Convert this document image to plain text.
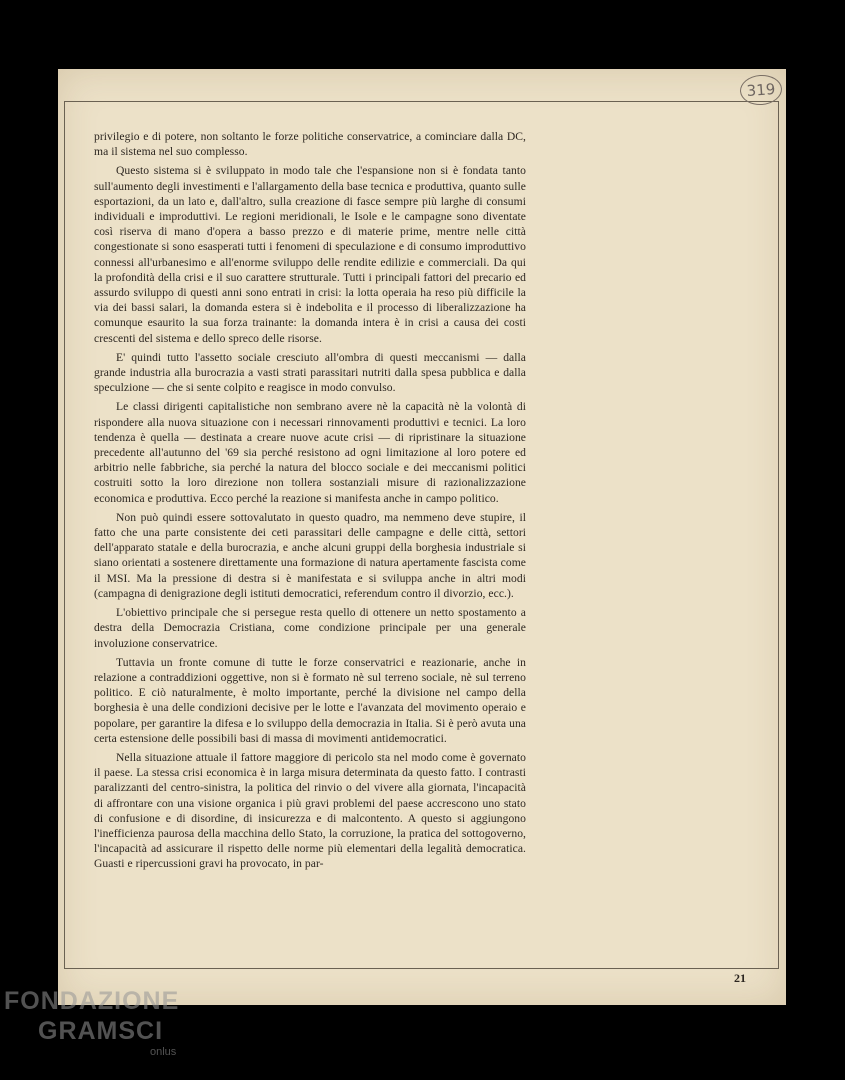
319

privilegio e di potere, non soltanto le forze politiche conservatrice, a cominciare dalla DC, ma il sistema nel suo complesso.

Questo sistema si è sviluppato in modo tale che l'espansione non si è fondata tanto sull'aumento degli investimenti e l'allargamento della base tecnica e produttiva, quanto sulle esportazioni, da un lato e, dall'altro, sulla creazione di fasce sempre più larghe di consumi individuali e improduttivi. Le regioni meridionali, le Isole e le campagne sono diventate così riserva di mano d'opera a basso prezzo e di materie prime, mentre nelle città congestionate si sono esasperati tutti i fenomeni di speculazione e di consumo improduttivo connessi all'urbanesimo e all'enorme sviluppo delle rendite edilizie e commerciali. Da qui la profondità della crisi e il suo carattere strutturale. Tutti i principali fattori del precario ed assurdo sviluppo di questi anni sono entrati in crisi: la lotta operaia ha reso più difficile la via dei bassi salari, la domanda estera si è indebolita e il processo di liberalizzazione ha comunque esaurito la sua forza trainante: la domanda intera è in crisi a causa dei costi crescenti del sistema e dello spreco delle risorse.

E' quindi tutto l'assetto sociale cresciuto all'ombra di questi meccanismi — dalla grande industria alla burocrazia a vasti strati parassitari nutriti dalla spesa pubblica e dalla speculzione — che si sente colpito e reagisce in modo convulso.

Le classi dirigenti capitalistiche non sembrano avere nè la capacità nè la volontà di rispondere alla nuova situazione con i necessari rinnovamenti produttivi e tecnici. La loro tendenza è quella — destinata a creare nuove acute crisi — di ripristinare la situazione precedente all'autunno del '69 sia perché resistono ad ogni limitazione al loro potere ed arbitrio nelle fabbriche, sia perché la natura del blocco sociale e dei meccanismi politici costruiti sotto la loro direzione non tollera sostanziali misure di razionalizzazione economica e produttiva. Ecco perché la reazione si manifesta anche in campo politico.

Non può quindi essere sottovalutato in questo quadro, ma nemmeno deve stupire, il fatto che una parte consistente dei ceti parassitari delle campagne e delle città, settori dell'apparato statale e della burocrazia, e anche alcuni gruppi della borghesia industriale si siano orientati a sostenere direttamente una formazione di natura apertamente fascista come il MSI. Ma la pressione di destra si è manifestata e si sviluppa anche in altri modi (campagna di denigrazione degli istituti democratici, referendum contro il divorzio, ecc.).

L'obiettivo principale che si persegue resta quello di ottenere un netto spostamento a destra della Democrazia Cristiana, come condizione principale per una generale involuzione conservatrice.

Tuttavia un fronte comune di tutte le forze conservatrici e reazionarie, anche in relazione a contraddizioni oggettive, non si è formato nè sul terreno sociale, nè sul terreno politico. E ciò naturalmente, è molto importante, perché la divisione nel campo della borghesia è una delle condizioni decisive per le lotte e l'avanzata del movimento operaio e popolare, per garantire la difesa e lo sviluppo della democrazia in Italia. Si è però avuta una certa estensione delle possibili basi di massa di movimenti antidemocratici.

Nella situazione attuale il fattore maggiore di pericolo sta nel modo come è governato il paese. La stessa crisi economica è in larga misura determinata da questo fatto. I contrasti paralizzanti del centro-sinistra, la politica del rinvio o del vivere alla giornata, l'incapacità di affrontare con una visione organica i più gravi problemi del paese accrescono uno stato di confusione e di disordine, di insicurezza e di malcontento. A questo si aggiungono l'inefficienza paurosa della macchina dello Stato, la corruzione, la pratica del sottogoverno, l'incapacità ad assicurare il rispetto delle norme più elementari della legalità democratica. Guasti e ripercussioni gravi ha provocato, in par-

21
FONDAZIONE
GRAMSCI
onlus
